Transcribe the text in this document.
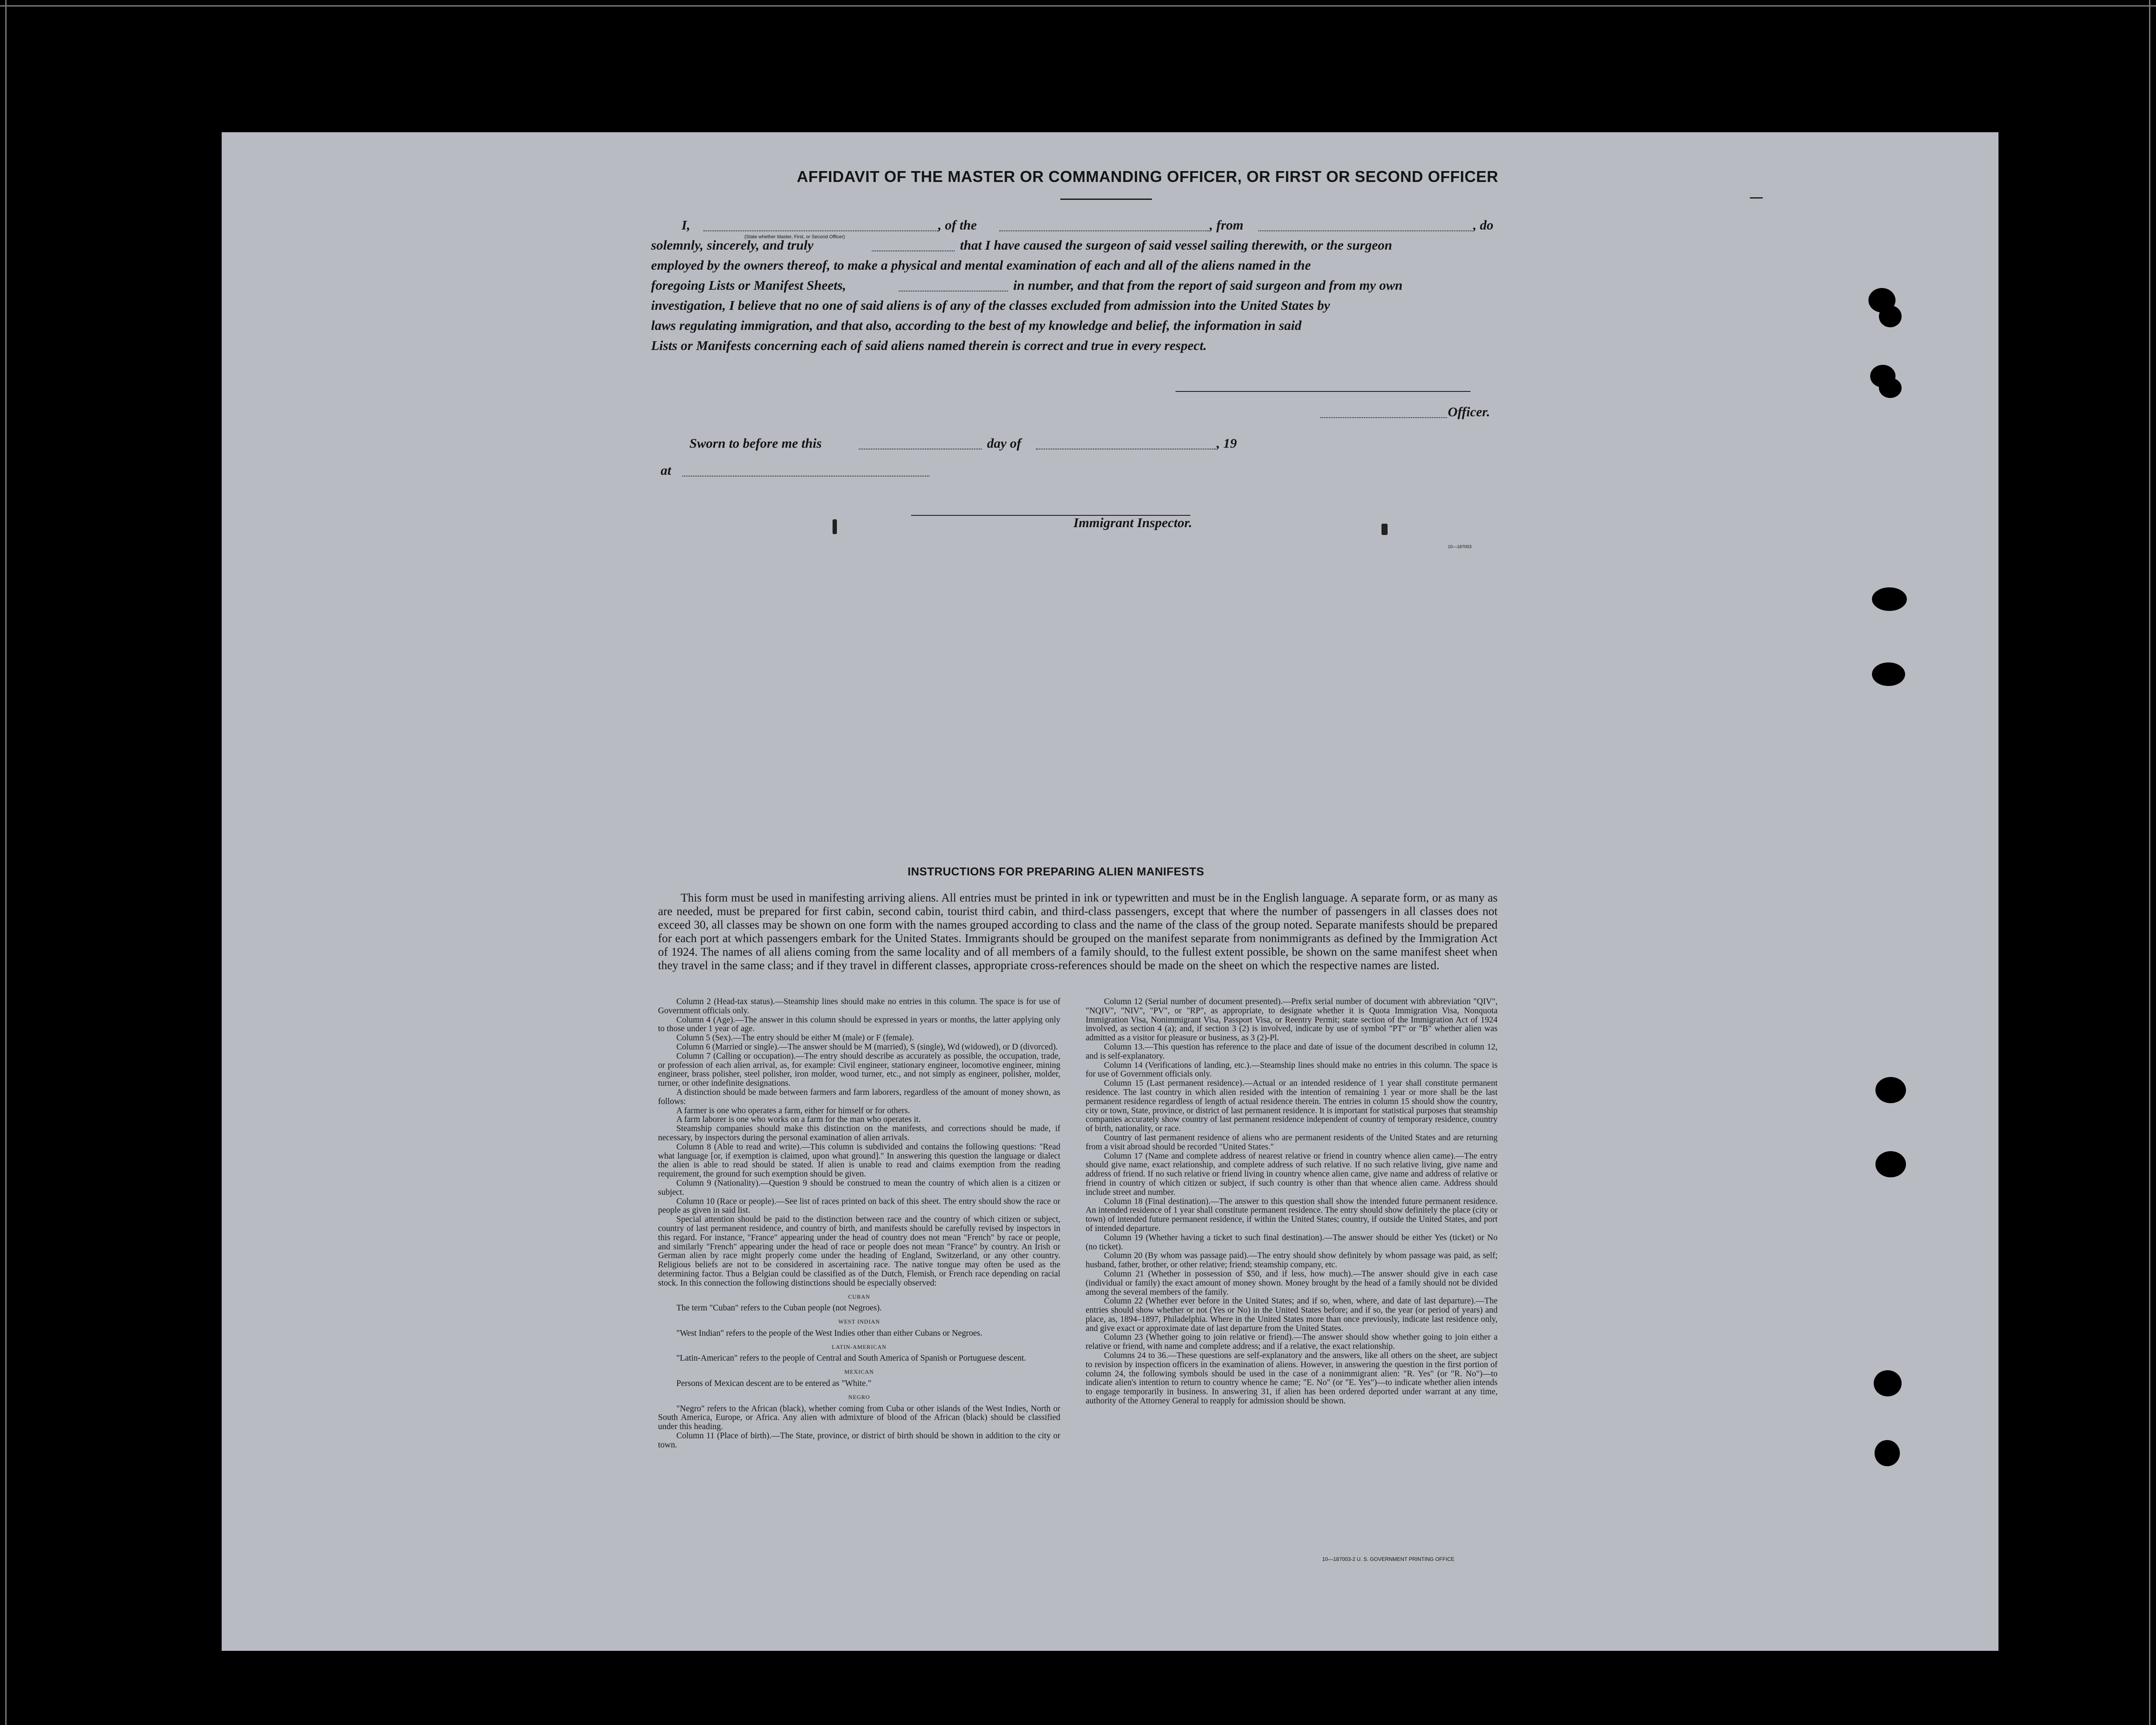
AFFIDAVIT OF THE MASTER OR COMMANDING OFFICER, OR FIRST OR SECOND OFFICER
I,
(State whether Master, First, or Second Officer)
, of the	, from	, do
solemnly, sincerely, and truly	that I have caused the surgeon of said vessel sailing therewith, or the surgeon
employed by the owners thereof, to make a physical and mental examination of each and all of the aliens named in the
foregoing Lists or Manifest Sheets,	in number, and that from the report of said surgeon and from my own
investigation, I believe that no one of said aliens is of any of the classes excluded from admission into the United States by
laws regulating immigration, and that also, according to the best of my knowledge and belief, the information in said
Lists or Manifests concerning each of said aliens named therein is correct and true in every respect.
Officer.
Sworn to before me this	day of	, 19
at
Immigrant Inspector.
10—187003
INSTRUCTIONS FOR PREPARING ALIEN MANIFESTS
This form must be used in manifesting arriving aliens. All entries must be printed in ink or typewritten and must be in the English language. A separate form, or as many as are needed, must be prepared for first cabin, second cabin, tourist third cabin, and third-class passengers, except that where the number of passengers in all classes does not exceed 30, all classes may be shown on one form with the names grouped according to class and the name of the class of the group noted. Separate manifests should be prepared for each port at which passengers embark for the United States. Immigrants should be grouped on the manifest separate from nonimmigrants as defined by the Immigration Act of 1924. The names of all aliens coming from the same locality and of all members of a family should, to the fullest extent possible, be shown on the same manifest sheet when they travel in the same class; and if they travel in different classes, appropriate cross-references should be made on the sheet on which the respective names are listed.

Column 2 (Head-tax status).—Steamship lines should make no entries in this column. The space is for use of Government officials only.

Column 4 (Age).—The answer in this column should be expressed in years or months, the latter applying only to those under 1 year of age.

Column 5 (Sex).—The entry should be either M (male) or F (female).

Column 6 (Married or single).—The answer should be M (married), S (single), Wd (widowed), or D (divorced).

Column 7 (Calling or occupation).—The entry should describe as accurately as possible, the occupation, trade, or profession of each alien arrival, as, for example: Civil engineer, stationary engineer, locomotive engineer, mining engineer, brass polisher, steel polisher, iron molder, wood turner, etc., and not simply as engineer, polisher, molder, turner, or other indefinite designations.

A distinction should be made between farmers and farm laborers, regardless of the amount of money shown, as follows:

A farmer is one who operates a farm, either for himself or for others.

A farm laborer is one who works on a farm for the man who operates it.

Steamship companies should make this distinction on the manifests, and corrections should be made, if necessary, by inspectors during the personal examination of alien arrivals.

Column 8 (Able to read and write).—This column is subdivided and contains the following questions: "Read what language [or, if exemption is claimed, upon what ground]." In answering this question the language or dialect the alien is able to read should be stated. If alien is unable to read and claims exemption from the reading requirement, the ground for such exemption should be given.

Column 9 (Nationality).—Question 9 should be construed to mean the country of which alien is a citizen or subject.

Column 10 (Race or people).—See list of races printed on back of this sheet. The entry should show the race or people as given in said list.

Special attention should be paid to the distinction between race and the country of which citizen or subject, country of last permanent residence, and country of birth, and manifests should be carefully revised by inspectors in this regard. For instance, "France" appearing under the head of country does not mean "French" by race or people, and similarly "French" appearing under the head of race or people does not mean "France" by country. An Irish or German alien by race might properly come under the heading of England, Switzerland, or any other country. Religious beliefs are not to be considered in ascertaining race. The native tongue may often be used as the determining factor. Thus a Belgian could be classified as of the Dutch, Flemish, or French race depending on racial stock. In this connection the following distinctions should be especially observed:

CUBAN

The term "Cuban" refers to the Cuban people (not Negroes).

WEST INDIAN

"West Indian" refers to the people of the West Indies other than either Cubans or Negroes.

LATIN-AMERICAN

"Latin-American" refers to the people of Central and South America of Spanish or Portuguese descent.

MEXICAN

Persons of Mexican descent are to be entered as "White."

NEGRO

"Negro" refers to the African (black), whether coming from Cuba or other islands of the West Indies, North or South America, Europe, or Africa. Any alien with admixture of blood of the African (black) should be classified under this heading.

Column 11 (Place of birth).—The State, province, or district of birth should be shown in addition to the city or town.

Column 12 (Serial number of document presented).—Prefix serial number of document with abbreviation "QIV", "NQIV", "NIV", "PV", or "RP", as appropriate, to designate whether it is Quota Immigration Visa, Nonquota Immigration Visa, Nonimmigrant Visa, Passport Visa, or Reentry Permit; state section of the Immigration Act of 1924 involved, as section 4 (a); and, if section 3 (2) is involved, indicate by use of symbol "PT" or "B" whether alien was admitted as a visitor for pleasure or business, as 3 (2)-Pl.

Column 13.—This question has reference to the place and date of issue of the document described in column 12, and is self-explanatory.

Column 14 (Verifications of landing, etc.).—Steamship lines should make no entries in this column. The space is for use of Government officials only.

Column 15 (Last permanent residence).—Actual or an intended residence of 1 year shall constitute permanent residence. The last country in which alien resided with the intention of remaining 1 year or more shall be the last permanent residence regardless of length of actual residence therein. The entries in column 15 should show the country, city or town, State, province, or district of last permanent residence. It is important for statistical purposes that steamship companies accurately show country of last permanent residence independent of country of temporary residence, country of birth, nationality, or race.

Country of last permanent residence of aliens who are permanent residents of the United States and are returning from a visit abroad should be recorded "United States."

Column 17 (Name and complete address of nearest relative or friend in country whence alien came).—The entry should give name, exact relationship, and complete address of such relative. If no such relative living, give name and address of friend. If no such relative or friend living in country whence alien came, give name and address of relative or friend in country of which citizen or subject, if such country is other than that whence alien came. Address should include street and number.

Column 18 (Final destination).—The answer to this question shall show the intended future permanent residence. An intended residence of 1 year shall constitute permanent residence. The entry should show definitely the place (city or town) of intended future permanent residence, if within the United States; country, if outside the United States, and port of intended departure.

Column 19 (Whether having a ticket to such final destination).—The answer should be either Yes (ticket) or No (no ticket).

Column 20 (By whom was passage paid).—The entry should show definitely by whom passage was paid, as self; husband, father, brother, or other relative; friend; steamship company, etc.

Column 21 (Whether in possession of $50, and if less, how much).—The answer should give in each case (individual or family) the exact amount of money shown. Money brought by the head of a family should not be divided among the several members of the family.

Column 22 (Whether ever before in the United States; and if so, when, where, and date of last departure).—The entries should show whether or not (Yes or No) in the United States before; and if so, the year (or period of years) and place, as, 1894–1897, Philadelphia. Where in the United States more than once previously, indicate last residence only, and give exact or approximate date of last departure from the United States.

Column 23 (Whether going to join relative or friend).—The answer should show whether going to join either a relative or friend, with name and complete address; and if a relative, the exact relationship.

Columns 24 to 36.—These questions are self-explanatory and the answers, like all others on the sheet, are subject to revision by inspection officers in the examination of aliens. However, in answering the question in the first portion of column 24, the following symbols should be used in the case of a nonimmigrant alien: "R. Yes" (or "R. No")—to indicate alien's intention to return to country whence he came; "E. No" (or "E. Yes")—to indicate whether alien intends to engage temporarily in business. In answering 31, if alien has been ordered deported under warrant at any time, authority of the Attorney General to reapply for admission should be shown.

10—187003-2 U. S. GOVERNMENT PRINTING OFFICE
